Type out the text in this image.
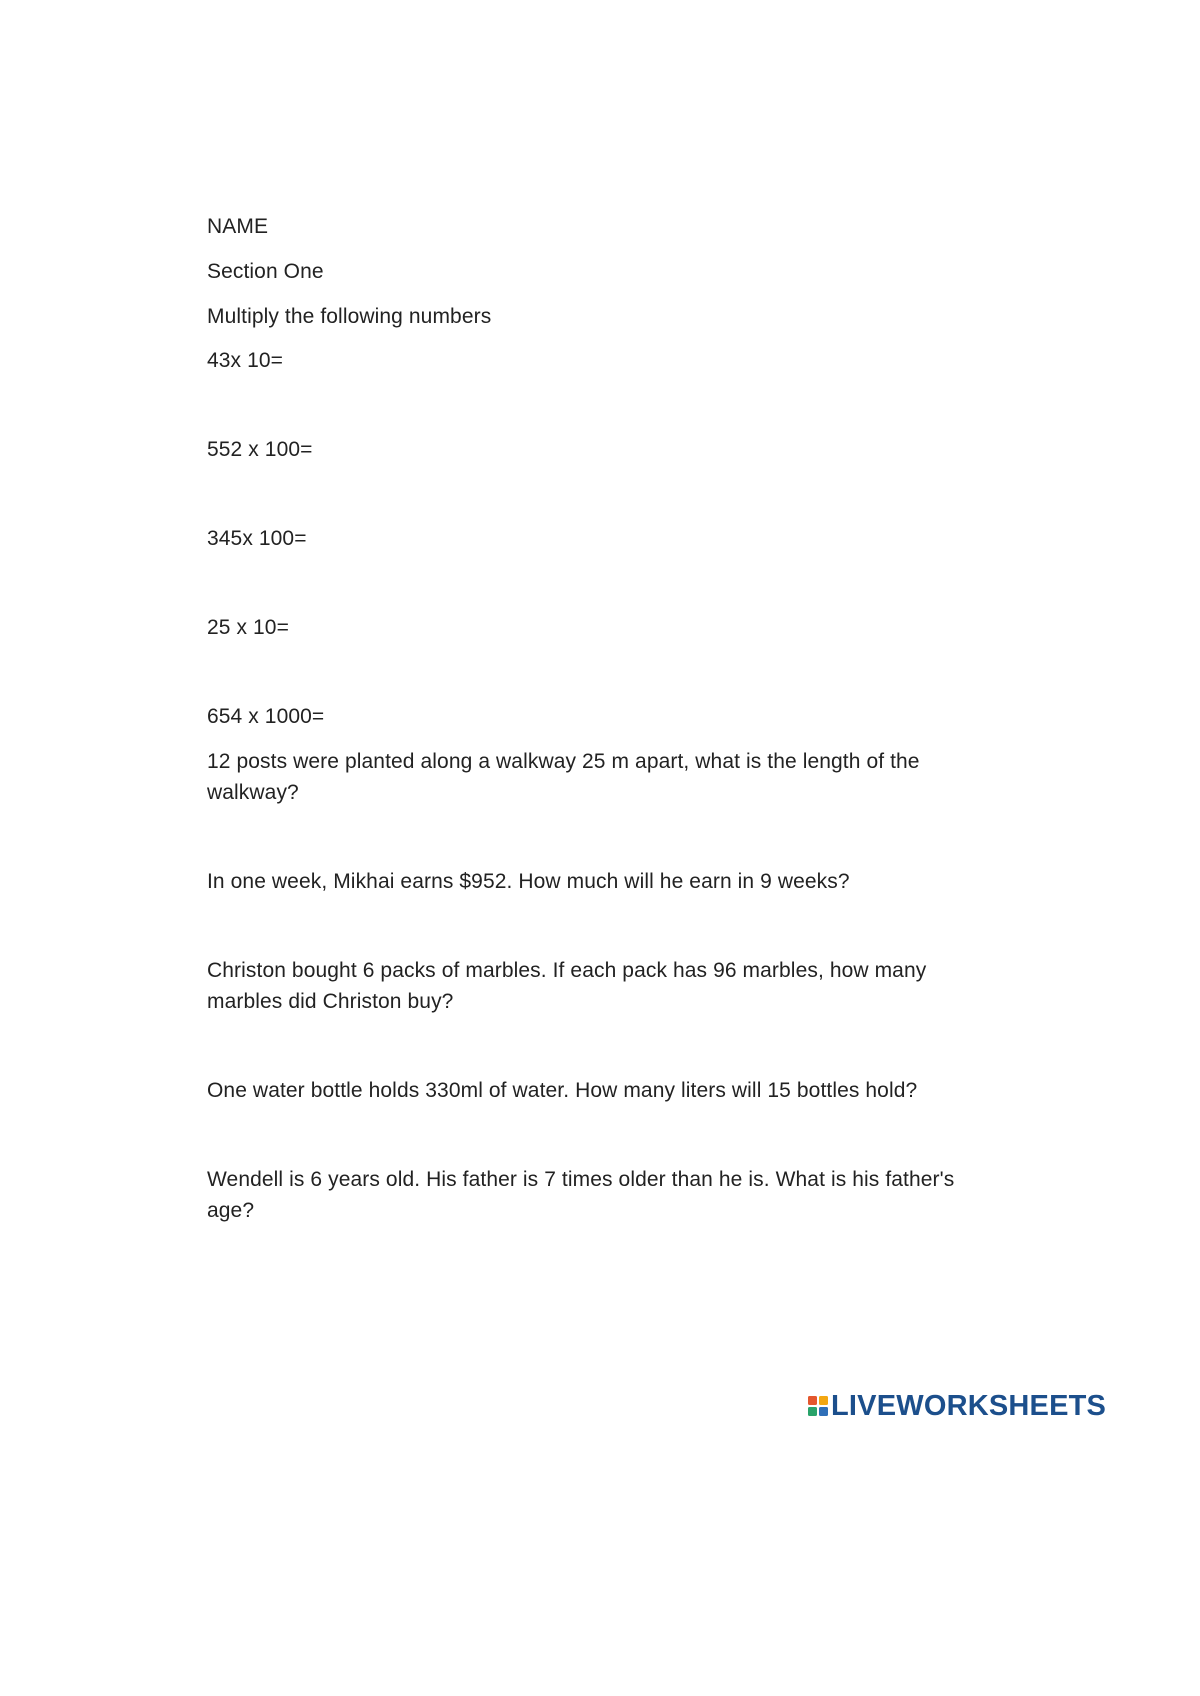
NAME
Section One
Multiply the following numbers
43x 10=
552 x 100=
345x 100=
25 x 10=
654 x 1000=
12 posts were planted along a walkway 25 m apart, what is the length of the walkway?
In one week, Mikhai earns $952. How much will he earn in 9 weeks?
Christon bought 6 packs of marbles. If each pack has 96 marbles, how many marbles did Christon buy?
One water bottle holds 330ml of water. How many liters will 15 bottles hold?
Wendell is 6 years old. His father is 7 times older than he is. What is his father's age?
LIVEWORKSHEETS
